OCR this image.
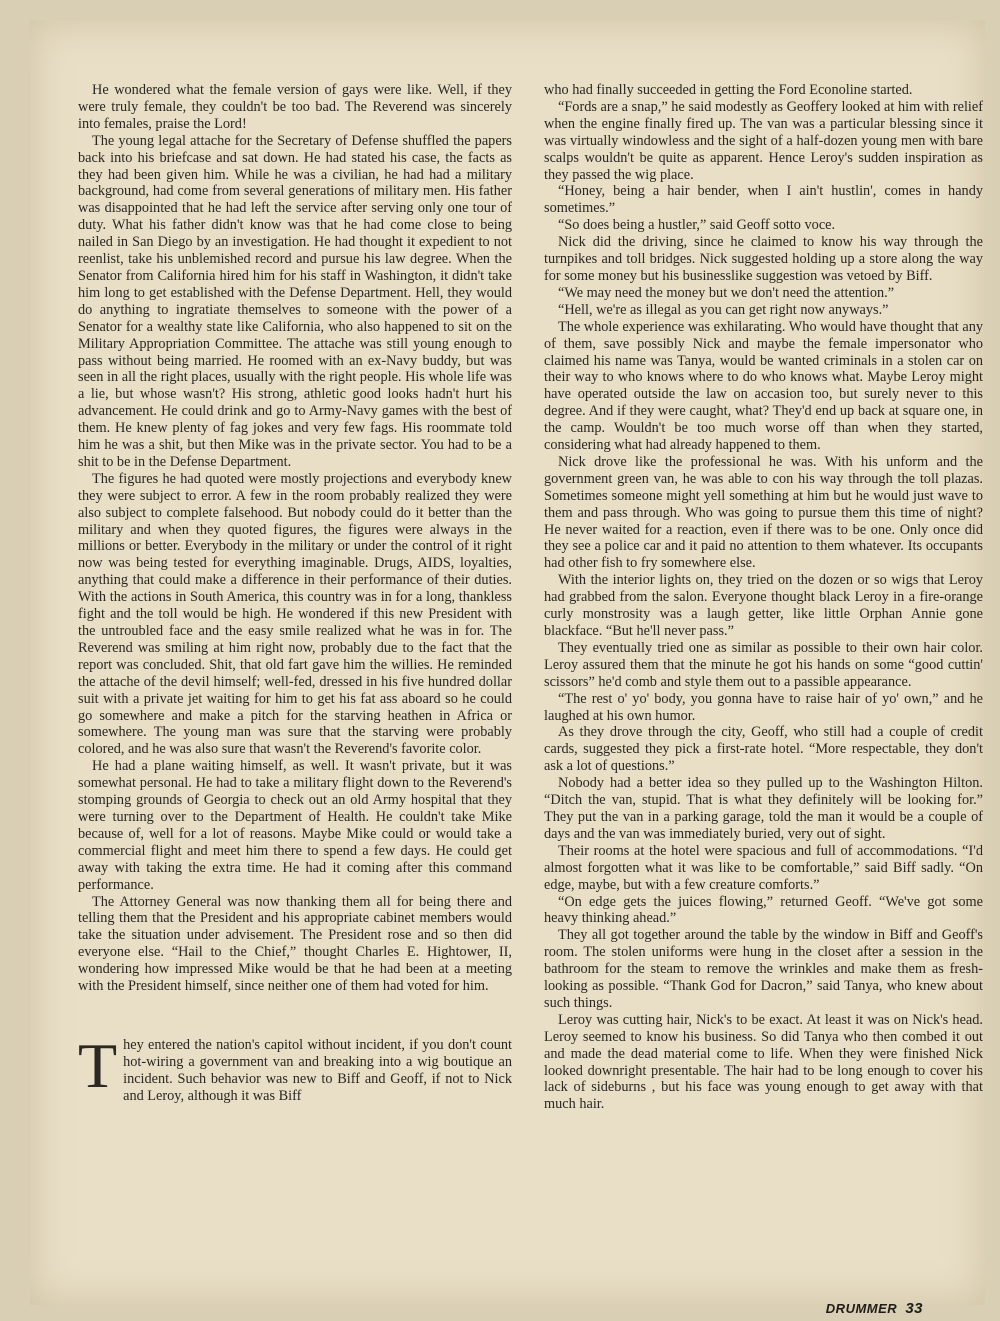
He wondered what the female version of gays were like. Well, if they were truly female, they couldn't be too bad. The Reverend was sincerely into females, praise the Lord!

The young legal attache for the Secretary of Defense shuffled the papers back into his briefcase and sat down. He had stated his case, the facts as they had been given him. While he was a civilian, he had had a military background, had come from several generations of military men. His father was disappointed that he had left the service after serving only one tour of duty. What his father didn't know was that he had come close to being nailed in San Diego by an investigation. He had thought it expedient to not reenlist, take his unblemished record and pursue his law degree. When the Senator from California hired him for his staff in Washington, it didn't take him long to get established with the Defense Department. Hell, they would do anything to ingratiate themselves to someone with the power of a Senator for a wealthy state like California, who also happened to sit on the Military Appropriation Committee. The attache was still young enough to pass without being married. He roomed with an ex-Navy buddy, but was seen in all the right places, usually with the right people. His whole life was a lie, but whose wasn't? His strong, athletic good looks hadn't hurt his advancement. He could drink and go to Army-Navy games with the best of them. He knew plenty of fag jokes and very few fags. His roommate told him he was a shit, but then Mike was in the private sector. You had to be a shit to be in the Defense Department.

The figures he had quoted were mostly projections and everybody knew they were subject to error. A few in the room probably realized they were also subject to complete falsehood. But nobody could do it better than the military and when they quoted figures, the figures were always in the millions or better. Everybody in the military or under the control of it right now was being tested for everything imaginable. Drugs, AIDS, loyalties, anything that could make a difference in their performance of their duties. With the actions in South America, this country was in for a long, thankless fight and the toll would be high. He wondered if this new President with the untroubled face and the easy smile realized what he was in for. The Reverend was smiling at him right now, probably due to the fact that the report was concluded. Shit, that old fart gave him the willies. He reminded the attache of the devil himself; well-fed, dressed in his five hundred dollar suit with a private jet waiting for him to get his fat ass aboard so he could go somewhere and make a pitch for the starving heathen in Africa or somewhere. The young man was sure that the starving were probably colored, and he was also sure that wasn't the Reverend's favorite color.

He had a plane waiting himself, as well. It wasn't private, but it was somewhat personal. He had to take a military flight down to the Reverend's stomping grounds of Georgia to check out an old Army hospital that they were turning over to the Department of Health. He couldn't take Mike because of, well for a lot of reasons. Maybe Mike could or would take a commercial flight and meet him there to spend a few days. He could get away with taking the extra time. He had it coming after this command performance.

The Attorney General was now thanking them all for being there and telling them that the President and his appropriate cabinet members would take the situation under advisement. The President rose and so then did everyone else. “Hail to the Chief,” thought Charles E. Hightower, II, wondering how impressed Mike would be that he had been at a meeting with the President himself, since neither one of them had voted for him.

They entered the nation's capitol without incident, if you don't count hot-wiring a government van and breaking into a wig boutique an incident. Such behavior was new to Biff and Geoff, if not to Nick and Leroy, although it was Biff

who had finally succeeded in getting the Ford Econoline started.

“Fords are a snap,” he said modestly as Geoffery looked at him with relief when the engine finally fired up. The van was a particular blessing since it was virtually windowless and the sight of a half-dozen young men with bare scalps wouldn't be quite as apparent. Hence Leroy's sudden inspiration as they passed the wig place.

“Honey, being a hair bender, when I ain't hustlin', comes in handy sometimes.”

“So does being a hustler,” said Geoff sotto voce.

Nick did the driving, since he claimed to know his way through the turnpikes and toll bridges. Nick suggested holding up a store along the way for some money but his businesslike suggestion was vetoed by Biff.

“We may need the money but we don't need the attention.”

“Hell, we're as illegal as you can get right now anyways.”

The whole experience was exhilarating. Who would have thought that any of them, save possibly Nick and maybe the female impersonator who claimed his name was Tanya, would be wanted criminals in a stolen car on their way to who knows where to do who knows what. Maybe Leroy might have operated outside the law on accasion too, but surely never to this degree. And if they were caught, what? They'd end up back at square one, in the camp. Wouldn't be too much worse off than when they started, considering what had already happened to them.

Nick drove like the professional he was. With his unform and the government green van, he was able to con his way through the toll plazas. Sometimes someone might yell something at him but he would just wave to them and pass through. Who was going to pursue them this time of night? He never waited for a reaction, even if there was to be one. Only once did they see a police car and it paid no attention to them whatever. Its occupants had other fish to fry somewhere else.

With the interior lights on, they tried on the dozen or so wigs that Leroy had grabbed from the salon. Everyone thought black Leroy in a fire-orange curly monstrosity was a laugh getter, like little Orphan Annie gone blackface. “But he'll never pass.”

They eventually tried one as similar as possible to their own hair color. Leroy assured them that the minute he got his hands on some “good cuttin' scissors” he'd comb and style them out to a passible appearance.

“The rest o' yo' body, you gonna have to raise hair of yo' own,” and he laughed at his own humor.

As they drove through the city, Geoff, who still had a couple of credit cards, suggested they pick a first-rate hotel. “More respectable, they don't ask a lot of questions.”

Nobody had a better idea so they pulled up to the Washington Hilton. “Ditch the van, stupid. That is what they definitely will be looking for.” They put the van in a parking garage, told the man it would be a couple of days and the van was immediately buried, very out of sight.

Their rooms at the hotel were spacious and full of accommodations. “I'd almost forgotten what it was like to be comfortable,” said Biff sadly. “On edge, maybe, but with a few creature comforts.”

“On edge gets the juices flowing,” returned Geoff. “We've got some heavy thinking ahead.”

They all got together around the table by the window in Biff and Geoff's room. The stolen uniforms were hung in the closet after a session in the bathroom for the steam to remove the wrinkles and make them as fresh-looking as possible. “Thank God for Dacron,” said Tanya, who knew about such things.

Leroy was cutting hair, Nick's to be exact. At least it was on Nick's head. Leroy seemed to know his business. So did Tanya who then combed it out and made the dead material come to life. When they were finished Nick looked downright presentable. The hair had to be long enough to cover his lack of sideburns , but his face was young enough to get away with that much hair.

DRUMMER 33
